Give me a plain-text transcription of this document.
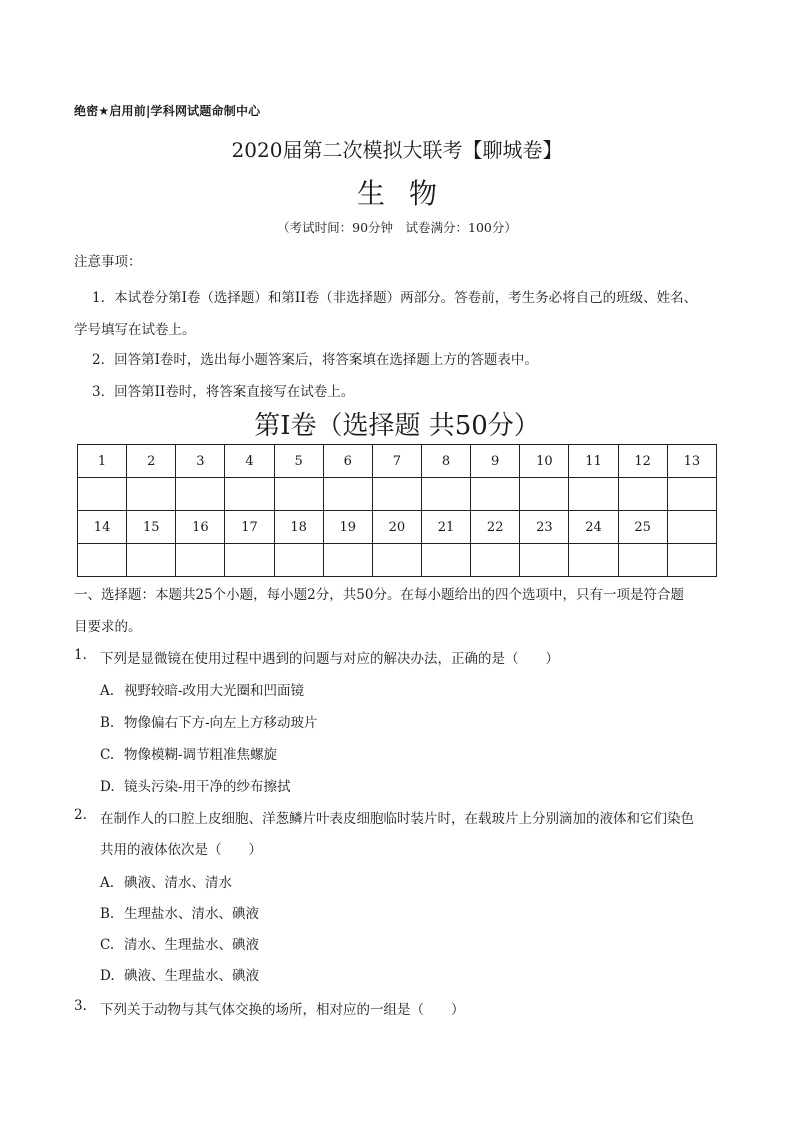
绝密★启用前|学科网试题命制中心
2020届第二次模拟大联考【聊城卷】
生物
（考试时间：90分钟　试卷满分：100分）
注意事项：
1．本试卷分第I卷（选择题）和第II卷（非选择题）两部分。答卷前，考生务必将自己的班级、姓名、
学号填写在试卷上。
2．回答第I卷时，选出每小题答案后，将答案填在选择题上方的答题表中。
3．回答第II卷时，将答案直接写在试卷上。
第I卷（选择题 共50分）
1	2	3	4	5	6	7	8	9	10	11	12	13

14	15	16	17	18	19	20	21	22	23	24	25	

一、选择题：本题共25个小题，每小题2分，共50分。在每小题给出的四个选项中，只有一项是符合题
目要求的。
1. 下列是显微镜在使用过程中遇到的问题与对应的解决办法，正确的是（　　）
A. 视野较暗-改用大光圈和凹面镜
B. 物像偏右下方-向左上方移动玻片
C. 物像模糊-调节粗准焦螺旋
D. 镜头污染-用干净的纱布擦拭
2. 在制作人的口腔上皮细胞、洋葱鳞片叶表皮细胞临时装片时，在载玻片上分别滴加的液体和它们染色
共用的液体依次是（　　）
A. 碘液、清水、清水
B. 生理盐水、清水、碘液
C. 清水、生理盐水、碘液
D. 碘液、生理盐水、碘液
3. 下列关于动物与其气体交换的场所，相对应的一组是（　　）
